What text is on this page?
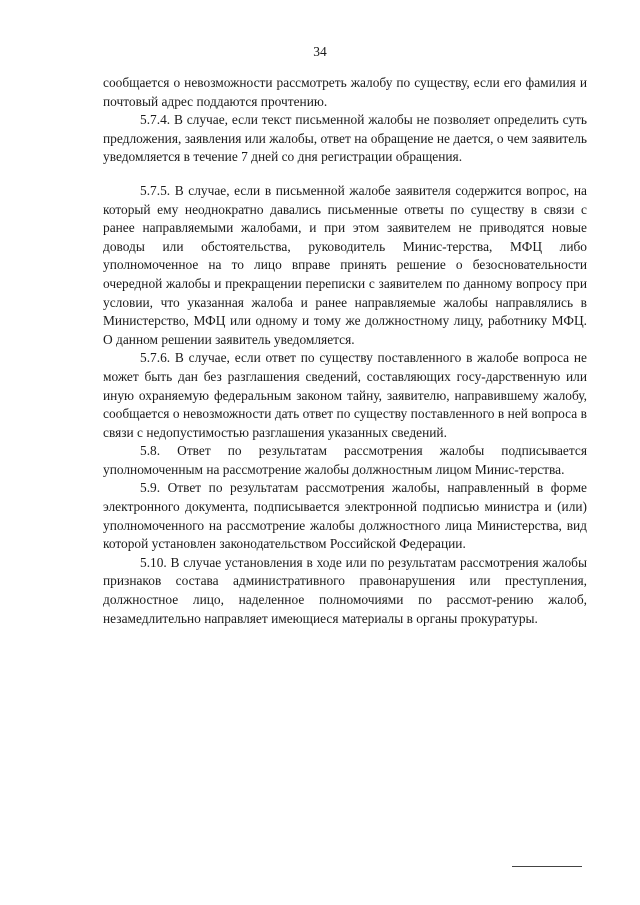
34

сообщается о невозможности рассмотреть жалобу по существу, если его фамилия и почтовый адрес поддаются прочтению.

5.7.4. В случае, если текст письменной жалобы не позволяет определить суть предложения, заявления или жалобы, ответ на обращение не дается, о чем заявитель уведомляется в течение 7 дней со дня регистрации обращения.

5.7.5. В случае, если в письменной жалобе заявителя содержится вопрос, на который ему неоднократно давались письменные ответы по существу в связи с ранее направляемыми жалобами, и при этом заявителем не приводятся новые доводы или обстоятельства, руководитель Минис-терства, МФЦ либо уполномоченное на то лицо вправе принять решение о безосновательности очередной жалобы и прекращении переписки с заявителем по данному вопросу при условии, что указанная жалоба и ранее направляемые жалобы направлялись в Министерство, МФЦ или одному и тому же должностному лицу, работнику МФЦ. О данном решении заявитель уведомляется.

5.7.6. В случае, если ответ по существу поставленного в жалобе вопроса не может быть дан без разглашения сведений, составляющих госу-дарственную или иную охраняемую федеральным законом тайну, заявителю, направившему жалобу, сообщается о невозможности дать ответ по существу поставленного в ней вопроса в связи с недопустимостью разглашения указанных сведений.

5.8. Ответ по результатам рассмотрения жалобы подписывается уполномоченным на рассмотрение жалобы должностным лицом Минис-терства.

5.9. Ответ по результатам рассмотрения жалобы, направленный в форме электронного документа, подписывается электронной подписью министра и (или) уполномоченного на рассмотрение жалобы должностного лица Министерства, вид которой установлен законодательством Российской Федерации.

5.10. В случае установления в ходе или по результатам рассмотрения жалобы признаков состава административного правонарушения или преступления, должностное лицо, наделенное полномочиями по рассмот-рению жалоб, незамедлительно направляет имеющиеся материалы в органы прокуратуры.
